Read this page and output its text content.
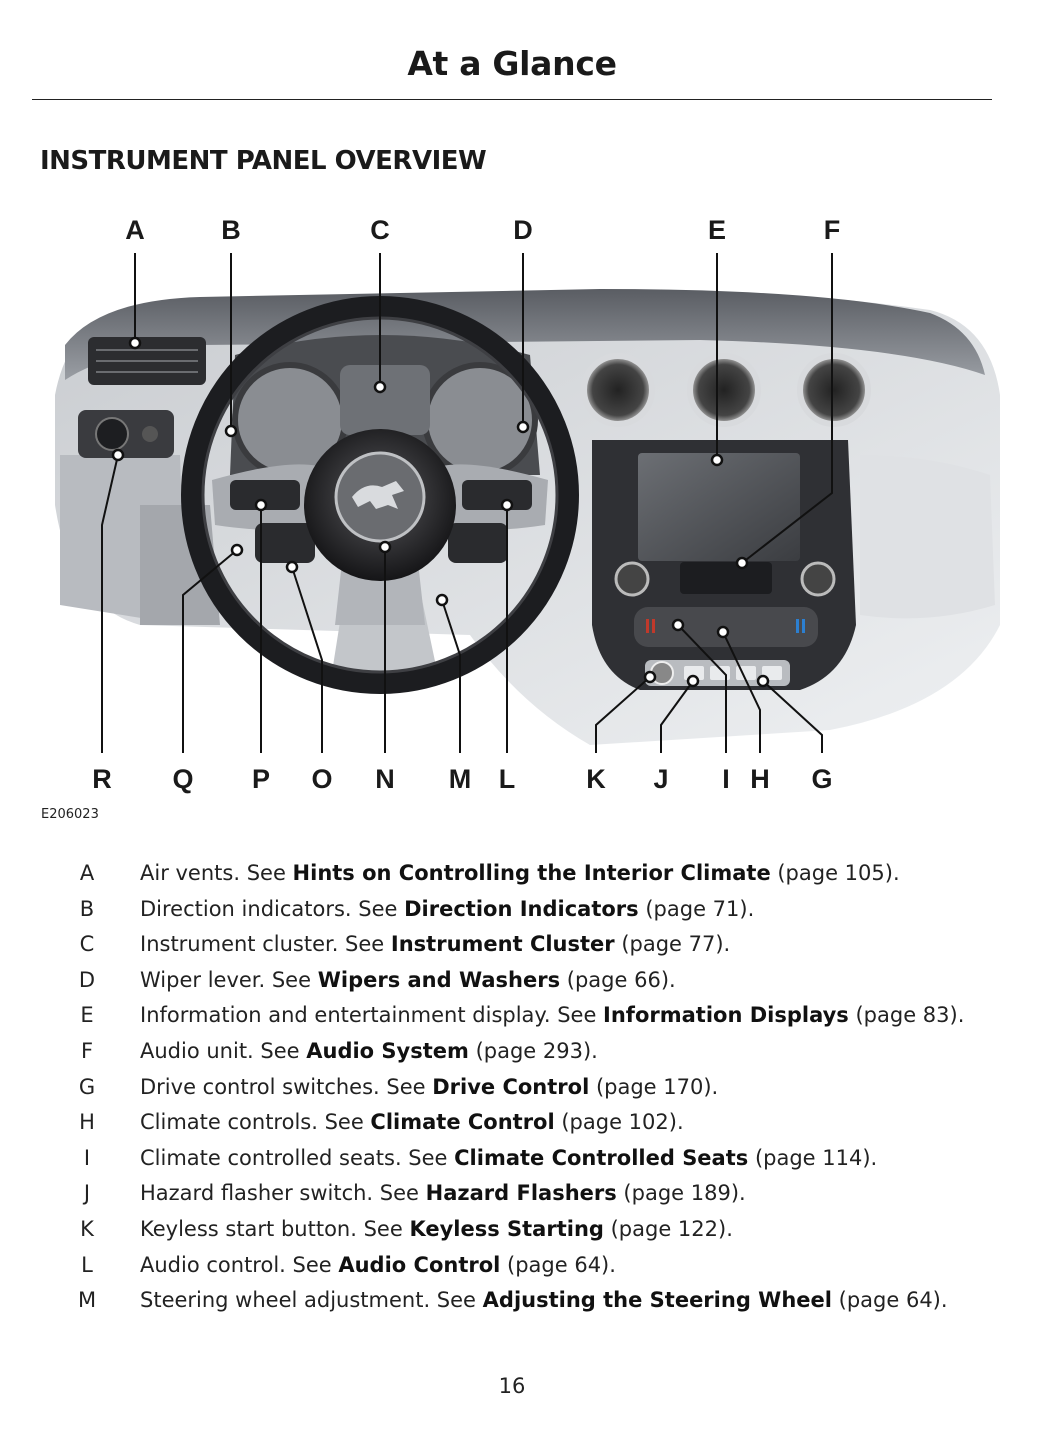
At a Glance
INSTRUMENT PANEL OVERVIEW
A	B	C	D	E	F
R Q P O N M L	K J I H G
E206023
A Air vents. See Hints on Controlling the Interior Climate (page 105).
B Direction indicators. See Direction Indicators (page 71).
C Instrument cluster. See Instrument Cluster (page 77).
D Wiper lever. See Wipers and Washers (page 66).
E Information and entertainment display. See Information Displays (page 83).
F Audio unit. See Audio System (page 293).
G Drive control switches. See Drive Control (page 170).
H Climate controls. See Climate Control (page 102).
I	Climate controlled seats. See Climate Controlled Seats (page 114).
J	Hazard flasher switch. See Hazard Flashers (page 189).
K Keyless start button. See Keyless Starting (page 122).
L Audio control. See Audio Control (page 64).
M Steering wheel adjustment. See Adjusting the Steering Wheel (page 64).
16
